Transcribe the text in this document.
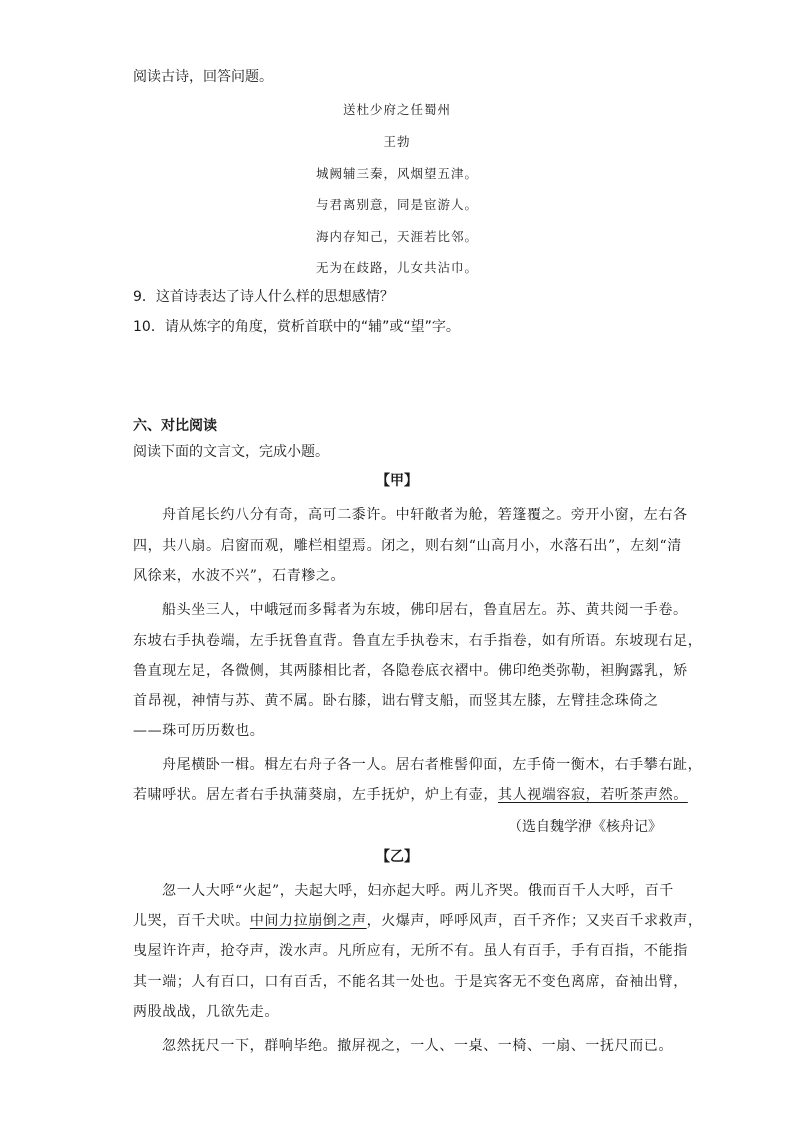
阅读古诗，回答问题。
送杜少府之任蜀州
王勃
城阙辅三秦，风烟望五津。
与君离别意，同是宦游人。
海内存知己，天涯若比邻。
无为在歧路，儿女共沾巾。
9．这首诗表达了诗人什么样的思想感情？
10．请从炼字的角度，赏析首联中的“辅”或“望”字。
六、对比阅读
阅读下面的文言文，完成小题。
【甲】
舟首尾长约八分有奇，高可二黍许。中轩敞者为舱，箬篷覆之。旁开小窗，左右各
四，共八扇。启窗而观，雕栏相望焉。闭之，则右刻“山高月小，水落石出”，左刻“清
风徐来，水波不兴”，石青糁之。
船头坐三人，中峨冠而多髯者为东坡，佛印居右，鲁直居左。苏、黄共阅一手卷。
东坡右手执卷端，左手抚鲁直背。鲁直左手执卷末，右手指卷，如有所语。东坡现右足，
鲁直现左足，各微侧，其两膝相比者，各隐卷底衣褶中。佛印绝类弥勒，袒胸露乳，矫
首昂视，神情与苏、黄不属。卧右膝，诎右臂支船，而竖其左膝，左臂挂念珠倚之
——珠可历历数也。
舟尾横卧一楫。楫左右舟子各一人。居右者椎髻仰面，左手倚一衡木，右手攀右趾，
若啸呼状。居左者右手执蒲葵扇，左手抚炉，炉上有壶，其人视端容寂，若听茶声然。
（选自魏学洢《核舟记》
【乙】
忽一人大呼“火起”，夫起大呼，妇亦起大呼。两儿齐哭。俄而百千人大呼，百千
儿哭，百千犬吠。中间力拉崩倒之声，火爆声，呼呼风声，百千齐作；又夹百千求救声，
曳屋许许声，抢夺声，泼水声。凡所应有，无所不有。虽人有百手，手有百指，不能指
其一端；人有百口，口有百舌，不能名其一处也。于是宾客无不变色离席，奋袖出臂，
两股战战，几欲先走。
忽然抚尺一下，群响毕绝。撤屏视之，一人、一桌、一椅、一扇、一抚尺而已。
